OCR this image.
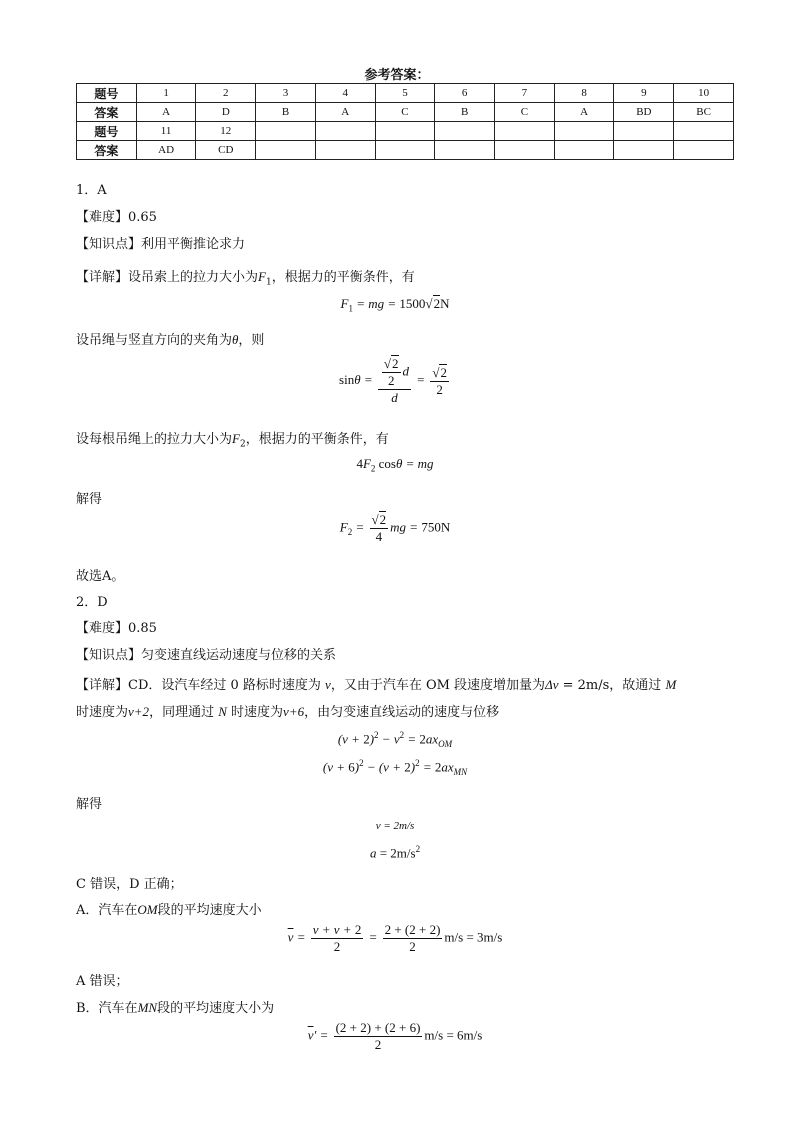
参考答案：
题号	1	2	3	4	5	6	7	8	9	10
答案	A	D	B	A	C	B	C	A	BD	BC
题号	11	12								
答案	AD	CD								
1．A
【难度】0.65
【知识点】利用平衡推论求力
【详解】设吊索上的拉力大小为$F_1$，根据力的平衡条件，有
$F_1$ = mg = 1500√2N
设吊绳与竖直方向的夹角为θ，则
$\sin\theta = \frac{\frac{√2}{2} d}{d} = \frac{√2}{2}$
设每根吊绳上的拉力大小为$F_2$，根据力的平衡条件，有
$4F_2$ cosθ = mg
解得
$F_2 = \frac{√2}{4}$ mg = 750N
故选A。
2．D
【难度】0.85
【知识点】匀变速直线运动速度与位移的关系
【详解】CD．设汽车经过 0 路标时速度为 v，又由于汽车在 OM 段速度增加量为Δv = 2m/s，故通过 M
时速度为v+2，同理通过 N 时速度为v+6，由匀变速直线运动的速度与位移
$(v + 2)^2 - v^2 = 2ax_{OM}$
$(v + 6)^2 - (v + 2)^2 = 2ax_{MN}$
解得
v = 2m/s
$a = 2m/s^2$
C 错误，D 正确；
A．汽车在OM段的平均速度大小
$\overline{v} = \frac{v + v + 2}{2} = \frac{2 + (2 + 2)}{2} m/s = 3m/s$
A 错误；
B．汽车在MN段的平均速度大小为
$\overline{v}' = \frac{(2 + 2) + (2 + 6)}{2} m/s = 6m/s$
